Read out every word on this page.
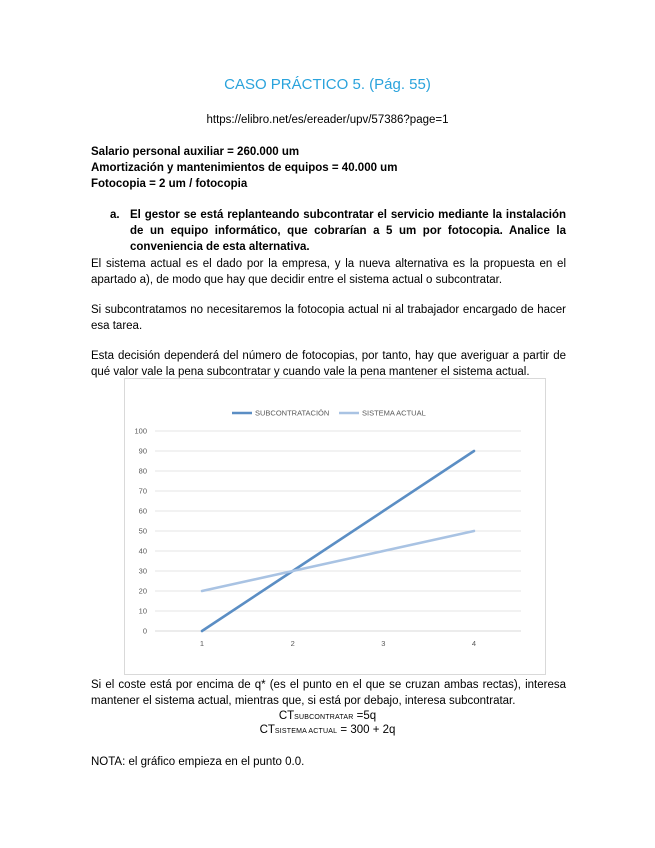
CASO PRÁCTICO 5. (Pág. 55)
https://elibro.net/es/ereader/upv/57386?page=1
Salario personal auxiliar = 260.000 um
Amortización y mantenimientos de equipos = 40.000 um
Fotocopia = 2 um / fotocopia
a. El gestor se está replanteando subcontratar el servicio mediante la instalación de un equipo informático, que cobrarían a 5 um por fotocopia. Analice la conveniencia de esta alternativa.
El sistema actual es el dado por la empresa, y la nueva alternativa es la propuesta en el apartado a), de modo que hay que decidir entre el sistema actual o subcontratar.
Si subcontratamos no necesitaremos la fotocopia actual ni al trabajador encargado de hacer esa tarea.
Esta decisión dependerá del número de fotocopias, por tanto, hay que averiguar a partir de qué valor vale la pena subcontratar y cuando vale la pena mantener el sistema actual.
0
10
20
30
40
50
60
70
80
90
100
1	2	3	4
SUBCONTRATACIÓN	SISTEMA ACTUAL
Si el coste está por encima de q* (es el punto en el que se cruzan ambas rectas), interesa mantener el sistema actual, mientras que, si está por debajo, interesa subcontratar.
CTSUBCONTRATAR =5q
CTSISTEMA ACTUAL = 300 + 2q
NOTA: el gráfico empieza en el punto 0.0.
